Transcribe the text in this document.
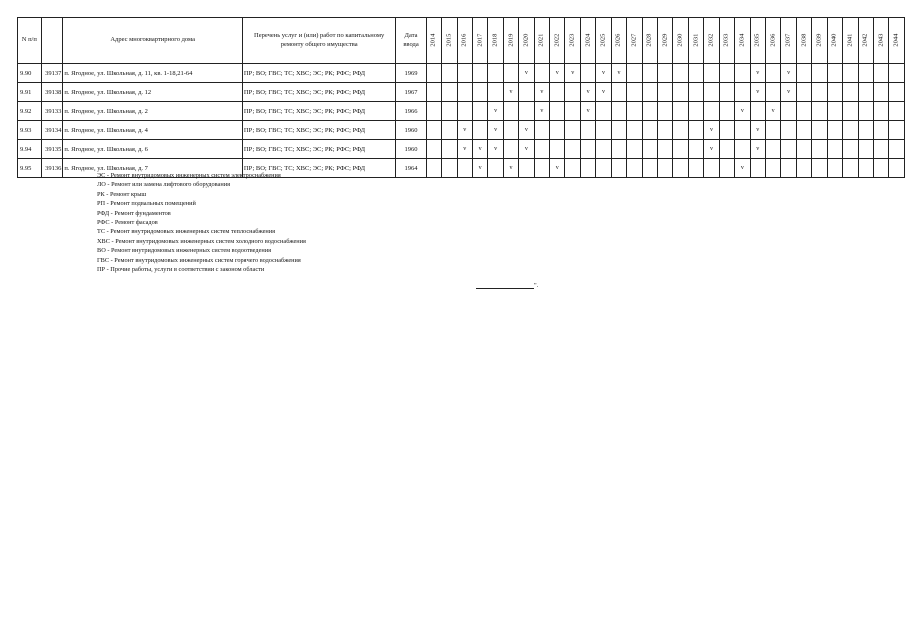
N п/п		Адрес многоквартирного дома	Перечень услуг и (или) работ по капитальному ремонту общего имущества	Дата ввода	2014	2015	2016	2017	2018	2019	2020	2021	2022	2023	2024	2025	2026	2027	2028	2029	2030	2031	2032	2033	2034	2035	2036	2037	2038	2039	2040	2041	2042	2043	2044
9.90	39137	п. Ягодное, ул. Школьная, д. 11, кв. 1-18,21-64	ПР; ВО; ГВС; ТС; ХВС; ЭС; РК; РФС; РФД	1969							v		v	v		v	v									v		v							
9.91	39138	п. Ягодное, ул. Школьная, д. 12	ПР; ВО; ГВС; ТС; ХВС; ЭС; РК; РФС; РФД	1967						v		v			v	v										v		v							
9.92	39133	п. Ягодное, ул. Школьная, д. 2	ПР; ВО; ГВС; ТС; ХВС; ЭС; РК; РФС; РФД	1966					v			v			v										v		v								
9.93	39134	п. Ягодное, ул. Школьная, д. 4	ПР; ВО; ГВС; ТС; ХВС; ЭС; РК; РФС; РФД	1960			v		v		v												v			v									
9.94	39135	п. Ягодное, ул. Школьная, д. 6	ПР; ВО; ГВС; ТС; ХВС; ЭС; РК; РФС; РФД	1960			v	v	v		v												v			v									
9.95	39136	п. Ягодное, ул. Школьная, д. 7	ПР; ВО; ГВС; ТС; ХВС; ЭС; РК; РФС; РФД	1964				v		v			v												v										
ЭС - Ремонт внутридомовых инженерных систем электроснабжения
ЛО - Ремонт или замена лифтового оборудования
РК - Ремонт крыш
РП - Ремонт подвальных помещений
РФД - Ремонт фундаментов
РФС - Ремонт фасадов
ТС - Ремонт внутридомовых инженерных систем теплоснабжения
ХВС - Ремонт внутридомовых инженерных систем холодного водоснабжения
ВО - Ремонт внутридомовых инженерных систем водоотведения
ГВС - Ремонт внутридомовых инженерных систем горячего водоснабжения
ПР - Прочие работы, услуги в соответствии с законом области
".
